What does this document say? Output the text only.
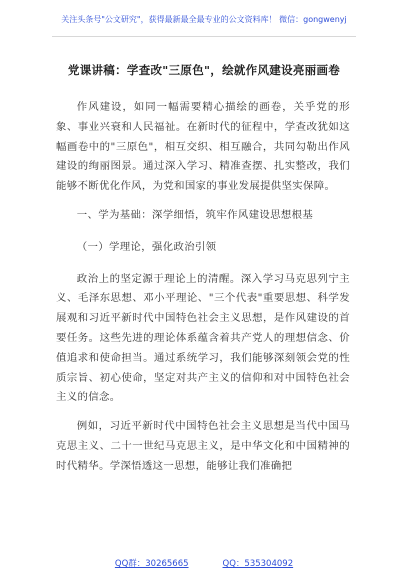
关注头条号"公文研究"，获得最新最全最专业的公文资料库！ 微信：gongwenyj
党课讲稿：学查改"三原色"，绘就作风建设亮丽画卷

作风建设，如同一幅需要精心描绘的画卷，关乎党的形象、事业兴衰和人民福祉。在新时代的征程中，学查改犹如这幅画卷中的"三原色"，相互交织、相互融合，共同勾勒出作风建设的绚丽图景。通过深入学习、精准查摆、扎实整改，我们能够不断优化作风，为党和国家的事业发展提供坚实保障。

一、学为基础：深学细悟，筑牢作风建设思想根基

（一）学理论，强化政治引领

政治上的坚定源于理论上的清醒。深入学习马克思列宁主义、毛泽东思想、邓小平理论、"三个代表"重要思想、科学发展观和习近平新时代中国特色社会主义思想，是作风建设的首要任务。这些先进的理论体系蕴含着共产党人的理想信念、价值追求和使命担当。通过系统学习，我们能够深刻领会党的性质宗旨、初心使命，坚定对共产主义的信仰和对中国特色社会主义的信念。

例如，习近平新时代中国特色社会主义思想是当代中国马克思主义、二十一世纪马克思主义，是中华文化和中国精神的时代精华。学深悟透这一思想，能够让我们准确把

QQ群：30265665	QQ：535304092
